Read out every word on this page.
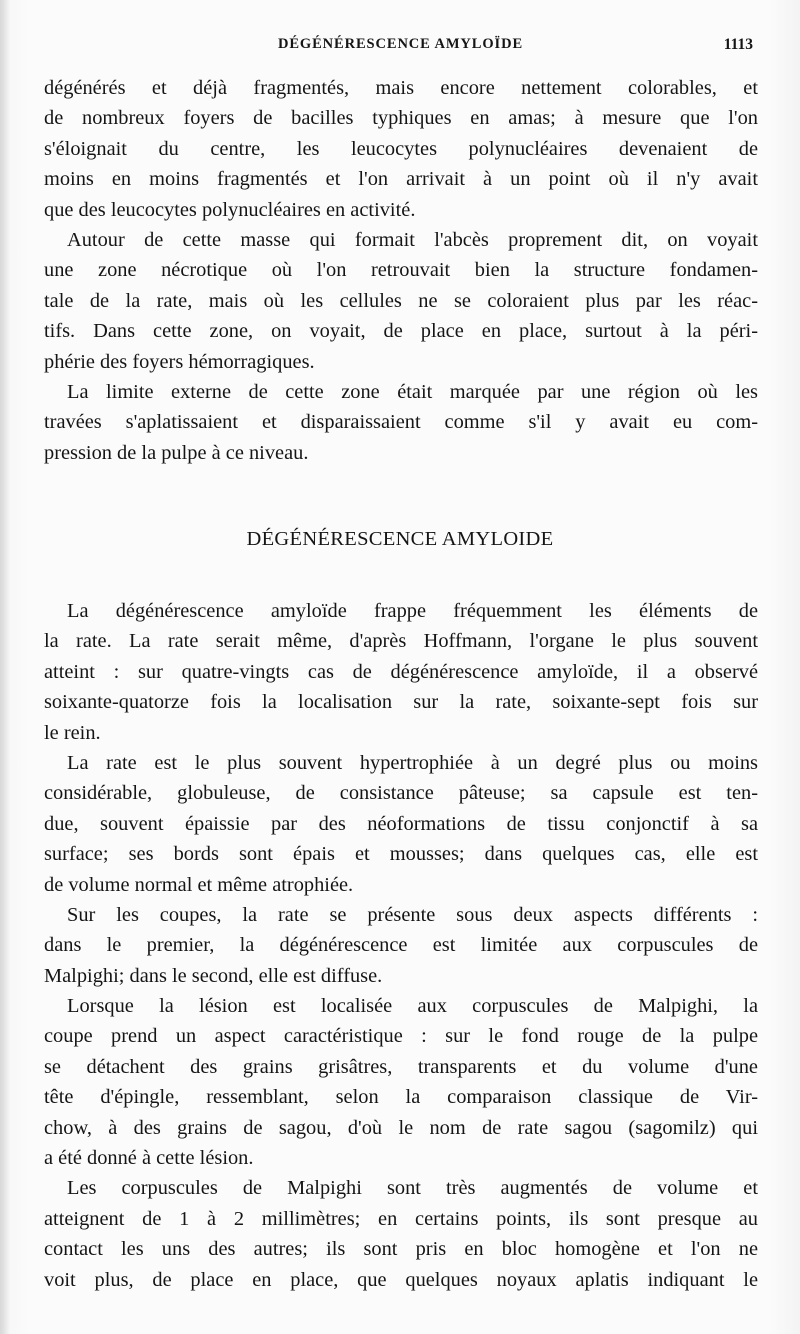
DÉGÉNÉRESCENCE AMYLOÏDE	1113
dégénérés et déjà fragmentés, mais encore nettement colorables, et
de nombreux foyers de bacilles typhiques en amas; à mesure que l'on
s'éloignait du centre, les leucocytes polynucléaires devenaient de
moins en moins fragmentés et l'on arrivait à un point où il n'y avait
que des leucocytes polynucléaires en activité.
Autour de cette masse qui formait l'abcès proprement dit, on voyait
une zone nécrotique où l'on retrouvait bien la structure fondamen-
tale de la rate, mais où les cellules ne se coloraient plus par les réac-
tifs. Dans cette zone, on voyait, de place en place, surtout à la péri-
phérie des foyers hémorragiques.
La limite externe de cette zone était marquée par une région où les
travées s'aplatissaient et disparaissaient comme s'il y avait eu com-
pression de la pulpe à ce niveau.
DÉGÉNÉRESCENCE AMYLOIDE
La dégénérescence amyloïde frappe fréquemment les éléments de
la rate. La rate serait même, d'après Hoffmann, l'organe le plus souvent
atteint : sur quatre-vingts cas de dégénérescence amyloïde, il a observé
soixante-quatorze fois la localisation sur la rate, soixante-sept fois sur
le rein.
La rate est le plus souvent hypertrophiée à un degré plus ou moins
considérable, globuleuse, de consistance pâteuse; sa capsule est ten-
due, souvent épaissie par des néoformations de tissu conjonctif à sa
surface; ses bords sont épais et mousses; dans quelques cas, elle est
de volume normal et même atrophiée.
Sur les coupes, la rate se présente sous deux aspects différents :
dans le premier, la dégénérescence est limitée aux corpuscules de
Malpighi; dans le second, elle est diffuse.
Lorsque la lésion est localisée aux corpuscules de Malpighi, la
coupe prend un aspect caractéristique : sur le fond rouge de la pulpe
se détachent des grains grisâtres, transparents et du volume d'une
tête d'épingle, ressemblant, selon la comparaison classique de Vir-
chow, à des grains de sagou, d'où le nom de rate sagou (sagomilz) qui
a été donné à cette lésion.
Les corpuscules de Malpighi sont très augmentés de volume et
atteignent de 1 à 2 millimètres; en certains points, ils sont presque au
contact les uns des autres; ils sont pris en bloc homogène et l'on ne
voit plus, de place en place, que quelques noyaux aplatis indiquant le
